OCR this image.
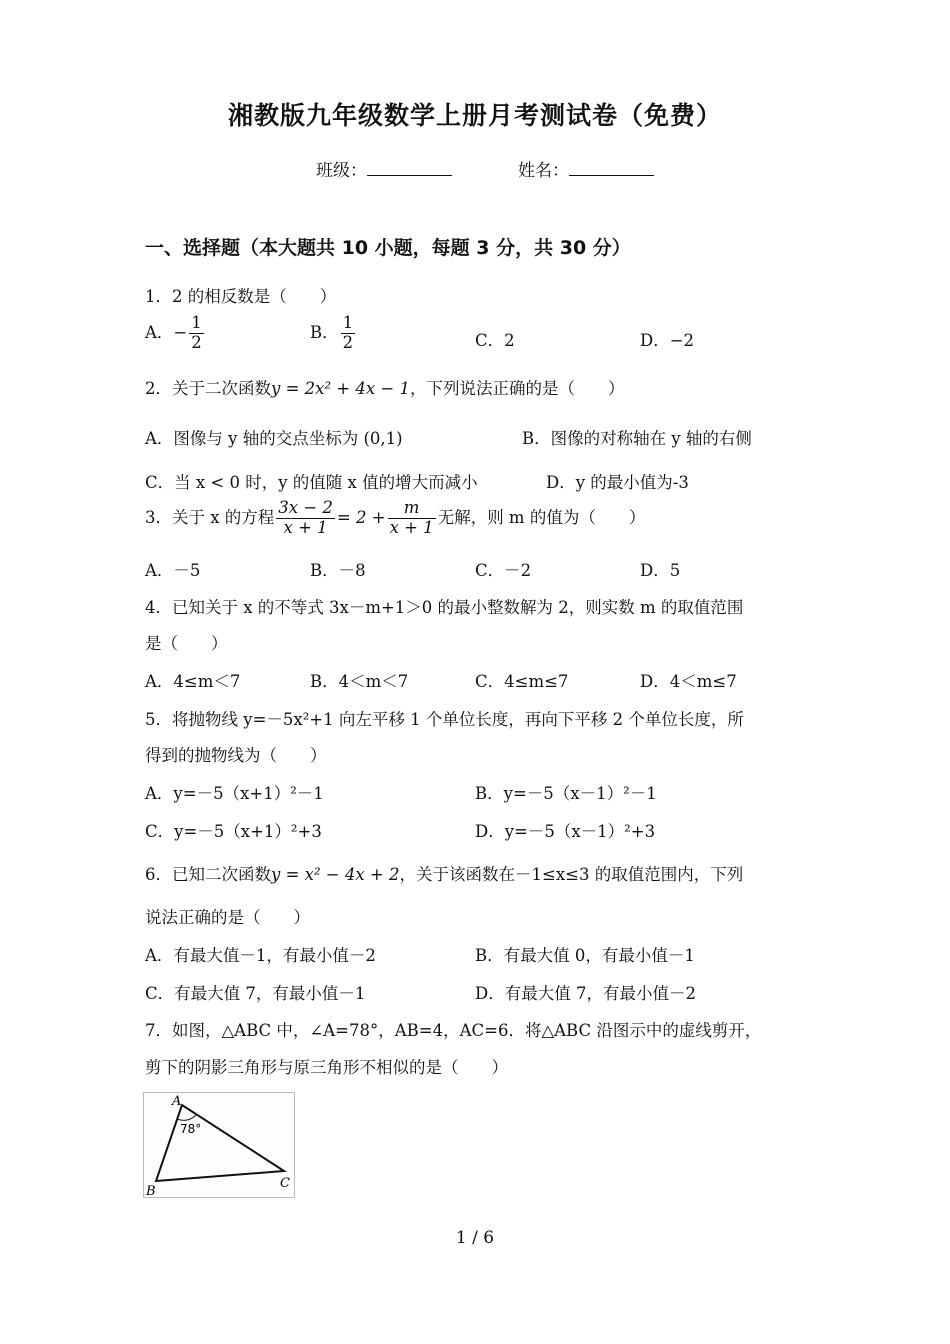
湘教版九年级数学上册月考测试卷（免费）
班级：	姓名：
一、选择题（本大题共 10 小题，每题 3 分，共 30 分）
1．2 的相反数是（　　）
A．− $\frac{1}{2}$	B． $\frac{1}{2}$	C．2	D．−2
2．关于二次函数y = 2x² + 4x − 1，下列说法正确的是（　　）
A．图像与 y 轴的交点坐标为 (0,1)	B．图像的对称轴在 y 轴的右侧
C．当 x < 0 时，y 的值随 x 值的增大而减小	D．y 的最小值为-3
3．关于 x 的方程 $\frac{3x - 2}{x + 1} = 2 + \frac{m}{x + 1}$ 无解，则 m 的值为（　　）
A．－5	B．－8	C．－2	D．5
4．已知关于 x 的不等式 3x－m+1＞0 的最小整数解为 2，则实数 m 的取值范围
是（　　）
A．4≤m＜7	B．4＜m＜7	C．4≤m≤7	D．4＜m≤7
5．将抛物线 y=－5x²+1 向左平移 1 个单位长度，再向下平移 2 个单位长度，所
得到的抛物线为（　　）
A．y=－5（x+1）²－1	B．y=－5（x－1）²－1
C．y=－5（x+1）²+3	D．y=－5（x－1）²+3
6．已知二次函数y = x² − 4x + 2，关于该函数在－1≤x≤3 的取值范围内，下列
说法正确的是（　　）
A．有最大值－1，有最小值－2	B．有最大值 0，有最小值－1
C．有最大值 7，有最小值－1	D．有最大值 7，有最小值－2
7．如图，△ABC 中，∠A=78°，AB=4，AC=6．将△ABC 沿图示中的虚线剪开，
剪下的阴影三角形与原三角形不相似的是（　　）
A
B
C
78°
1 / 6
